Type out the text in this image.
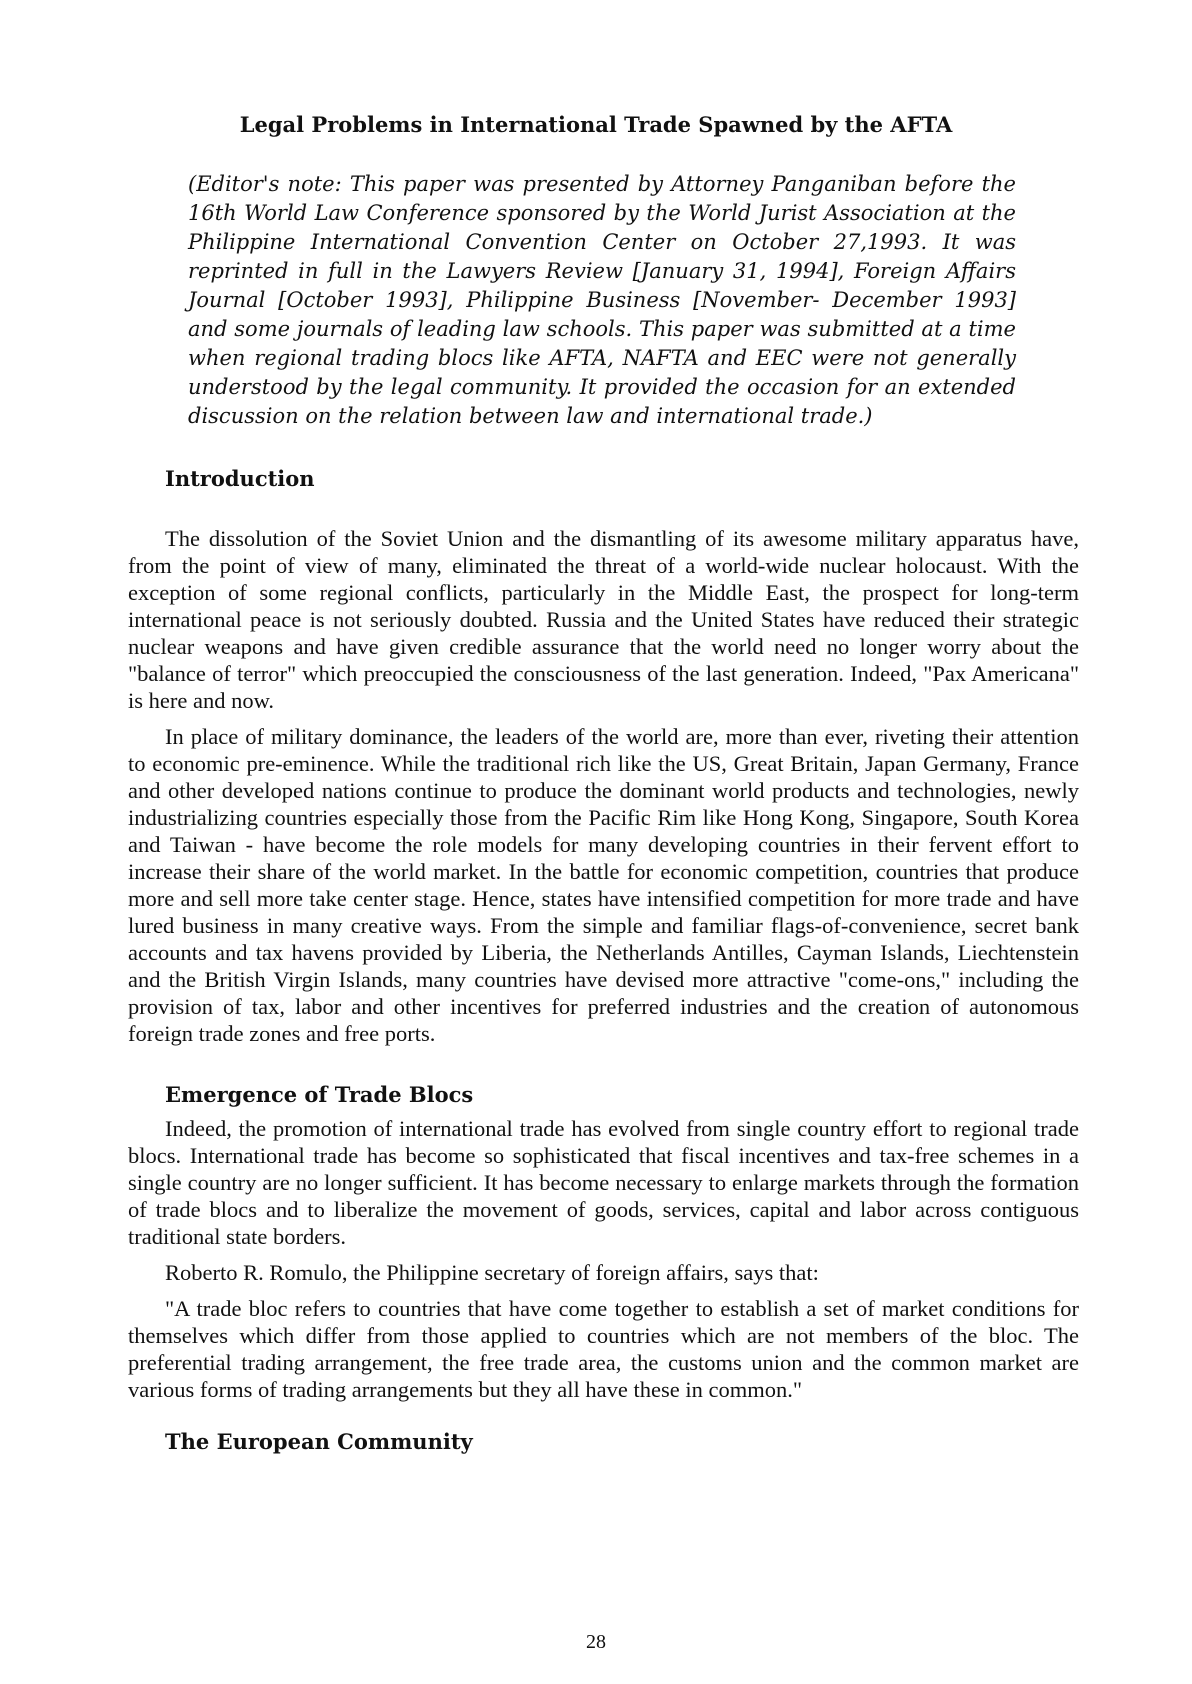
Legal Problems in International Trade Spawned by the AFTA

(Editor's note: This paper was presented by Attorney Panganiban before the 16th World Law Conference sponsored by the World Jurist Association at the Philippine International Convention Center on October 27,1993. It was reprinted in full in the Lawyers Review [January 31, 1994], Foreign Affairs Journal [October 1993], Philippine Business [November- December 1993] and some journals of leading law schools. This paper was submitted at a time when regional trading blocs like AFTA, NAFTA and EEC were not generally understood by the legal community. It provided the occasion for an extended discussion on the relation between law and international trade.)

Introduction

The dissolution of the Soviet Union and the dismantling of its awesome military apparatus have, from the point of view of many, eliminated the threat of a world-wide nuclear holocaust. With the exception of some regional conflicts, particularly in the Middle East, the prospect for long-term international peace is not seriously doubted. Russia and the United States have reduced their strategic nuclear weapons and have given credible assurance that the world need no longer worry about the "balance of terror" which preoccupied the consciousness of the last generation. Indeed, "Pax Americana" is here and now.

In place of military dominance, the leaders of the world are, more than ever, riveting their attention to economic pre-eminence. While the traditional rich like the US, Great Britain, Japan Germany, France and other developed nations continue to produce the dominant world products and technologies, newly industrializing countries especially those from the Pacific Rim like Hong Kong, Singapore, South Korea and Taiwan - have become the role models for many developing countries in their fervent effort to increase their share of the world market. In the battle for economic competition, countries that produce more and sell more take center stage. Hence, states have intensified competition for more trade and have lured business in many creative ways. From the simple and familiar flags-of-convenience, secret bank accounts and tax havens provided by Liberia, the Netherlands Antilles, Cayman Islands, Liechtenstein and the British Virgin Islands, many countries have devised more attractive "come-ons," including the provision of tax, labor and other incentives for preferred industries and the creation of autonomous foreign trade zones and free ports.

Emergence of Trade Blocs

Indeed, the promotion of international trade has evolved from single country effort to regional trade blocs. International trade has become so sophisticated that fiscal incentives and tax-free schemes in a single country are no longer sufficient. It has become necessary to enlarge markets through the formation of trade blocs and to liberalize the movement of goods, services, capital and labor across contiguous traditional state borders.

Roberto R. Romulo, the Philippine secretary of foreign affairs, says that:

"A trade bloc refers to countries that have come together to establish a set of market conditions for themselves which differ from those applied to countries which are not members of the bloc. The preferential trading arrangement, the free trade area, the customs union and the common market are various forms of trading arrangements but they all have these in common."

The European Community
28
